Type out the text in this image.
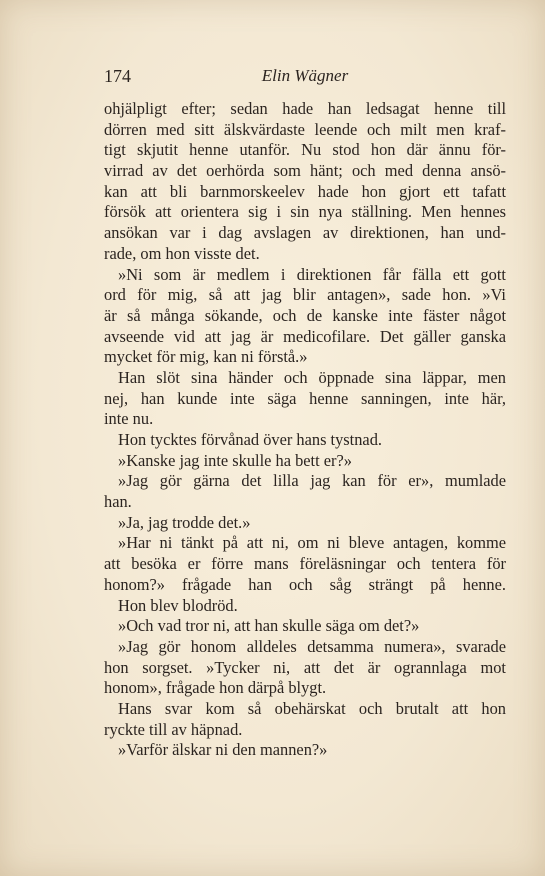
174	Elin Wägner
ohjälpligt efter; sedan hade han ledsagat henne till
dörren med sitt älskvärdaste leende och milt men kraf-
tigt skjutit henne utanför. Nu stod hon där ännu för-
virrad av det oerhörda som hänt; och med denna ansö-
kan att bli barnmorskeelev hade hon gjort ett tafatt
försök att orientera sig i sin nya ställning. Men hennes
ansökan var i dag avslagen av direktionen, han und-
rade, om hon visste det.
»Ni som är medlem i direktionen får fälla ett gott
ord för mig, så att jag blir antagen», sade hon. »Vi
är så många sökande, och de kanske inte fäster något
avseende vid att jag är medicofilare. Det gäller ganska
mycket för mig, kan ni förstå.»
Han slöt sina händer och öppnade sina läppar, men
nej, han kunde inte säga henne sanningen, inte här,
inte nu.
Hon tycktes förvånad över hans tystnad.
»Kanske jag inte skulle ha bett er?»
»Jag gör gärna det lilla jag kan för er», mumlade
han.
»Ja, jag trodde det.»
»Har ni tänkt på att ni, om ni bleve antagen, komme
att besöka er förre mans föreläsningar och tentera för
honom?» frågade han och såg strängt på henne.
Hon blev blodröd.
»Och vad tror ni, att han skulle säga om det?»
»Jag gör honom alldeles detsamma numera», svarade
hon sorgset. »Tycker ni, att det är ogrannlaga mot
honom», frågade hon därpå blygt.
Hans svar kom så obehärskat och brutalt att hon
ryckte till av häpnad.
»Varför älskar ni den mannen?»
